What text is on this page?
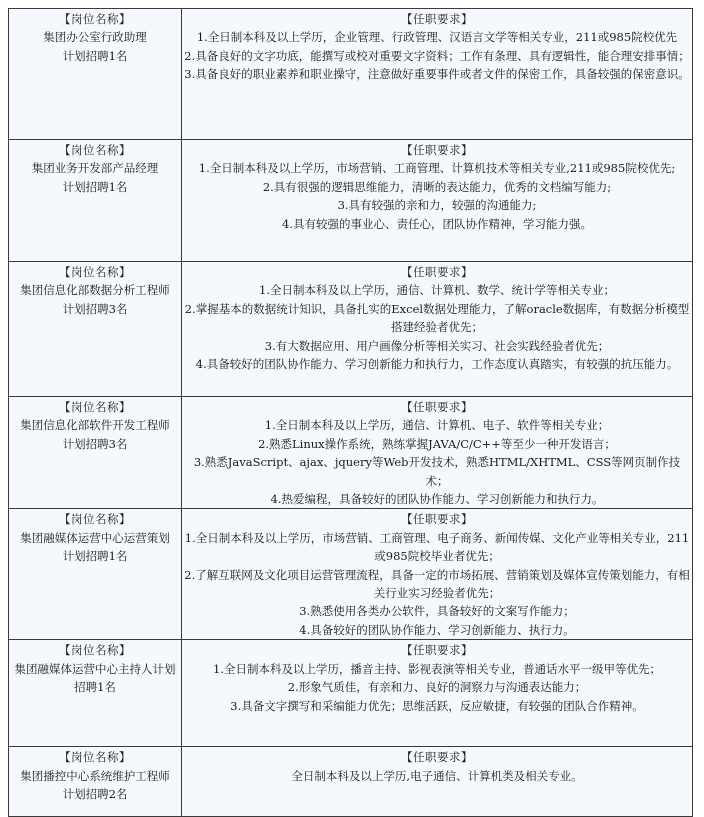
【岗位名称】
集团办公室行政助理
计划招聘1名	【任职要求】
1.全日制本科及以上学历，企业管理、行政管理、汉语言文学等相关专业，211或985院校优先
2.具备良好的文字功底，能撰写或校对重要文字资料；工作有条理、具有逻辑性，能合理安排事情；
3.具备良好的职业素养和职业操守，注意做好重要事件或者文件的保密工作，具备较强的保密意识。

【岗位名称】
集团业务开发部产品经理
计划招聘1名	【任职要求】
1.全日制本科及以上学历，市场营销、工商管理、计算机技术等相关专业,211或985院校优先;
2.具有很强的逻辑思维能力，清晰的表达能力，优秀的文档编写能力;
3.具有较强的亲和力，较强的沟通能力;
4.具有较强的事业心、责任心，团队协作精神，学习能力强。

【岗位名称】
集团信息化部数据分析工程师
计划招聘3名	【任职要求】
1.全日制本科及以上学历，通信、计算机、数学、统计学等相关专业；
2.掌握基本的数据统计知识，具备扎实的Excel数据处理能力，了解oracle数据库，有数据分析模型搭建经验者优先；
3.有大数据应用、用户画像分析等相关实习、社会实践经验者优先；
4.具备较好的团队协作能力、学习创新能力和执行力，工作态度认真踏实，有较强的抗压能力。

【岗位名称】
集团信息化部软件开发工程师
计划招聘3名	【任职要求】
1.全日制本科及以上学历，通信、计算机、电子、软件等相关专业；
2.熟悉Linux操作系统，熟练掌握JAVA/C/C++等至少一种开发语言；
3.熟悉JavaScript、ajax、jquery等Web开发技术，熟悉HTML/XHTML、CSS等网页制作技术；
4.热爱编程，具备较好的团队协作能力、学习创新能力和执行力。

【岗位名称】
集团融媒体运营中心运营策划
计划招聘1名	【任职要求】
1.全日制本科及以上学历，市场营销、工商管理、电子商务、新闻传媒、文化产业等相关专业，211或985院校毕业者优先；
2.了解互联网及文化项目运营管理流程，具备一定的市场拓展、营销策划及媒体宣传策划能力，有相关行业实习经验者优先；
3.熟悉使用各类办公软件，具备较好的文案写作能力；
4.具备较好的团队协作能力、学习创新能力、执行力。

【岗位名称】
集团融媒体运营中心主持人计划招聘1名	【任职要求】
1.全日制本科及以上学历，播音主持、影视表演等相关专业，普通话水平一级甲等优先；
2.形象气质佳，有亲和力、良好的洞察力与沟通表达能力；
3.具备文字撰写和采编能力优先；思维活跃，反应敏捷，有较强的团队合作精神。

【岗位名称】
集团播控中心系统维护工程师
计划招聘2名	【任职要求】
全日制本科及以上学历,电子通信、计算机类及相关专业。
